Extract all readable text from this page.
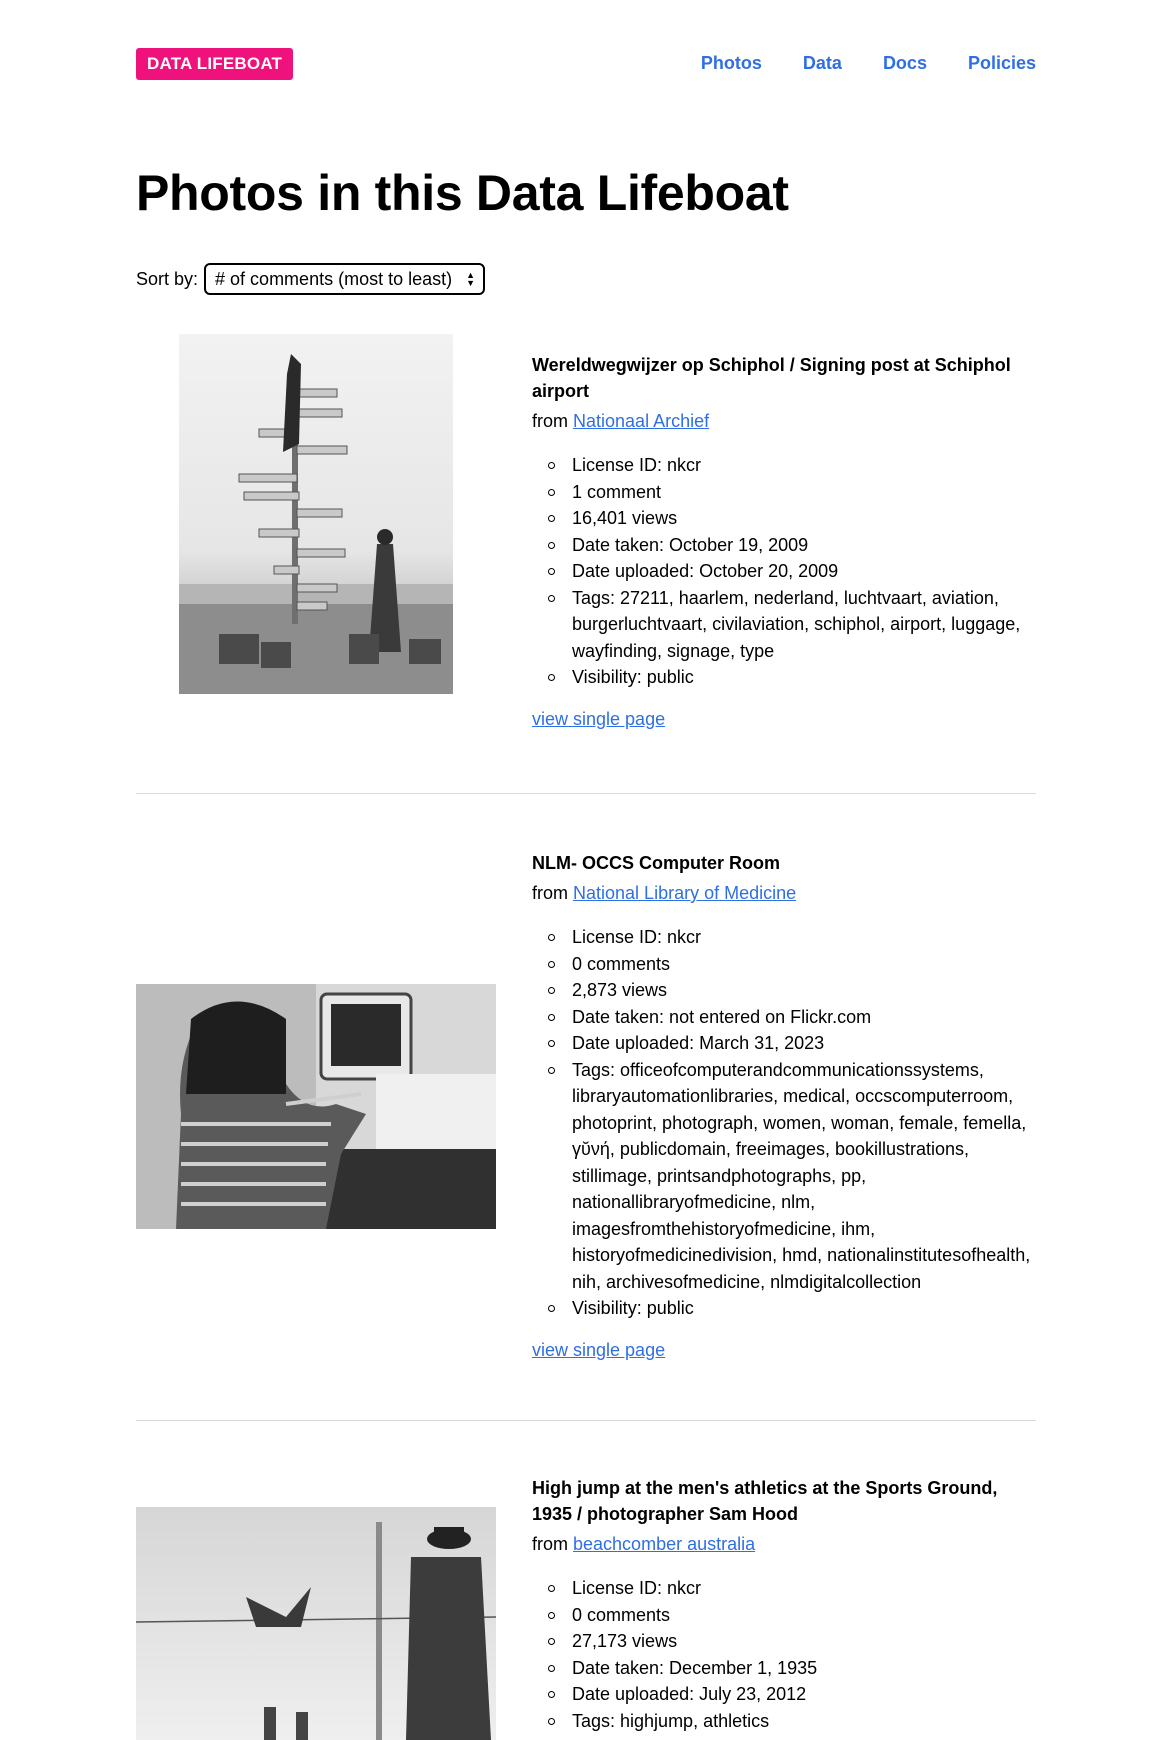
DATA LIFEBOAT	Photos Data Docs Policies
Photos in this Data Lifeboat
Sort by: # of comments (most to least) ▲
▼

Wereldwegwijzer op Schiphol / Signing post at Schiphol airport

from Nationaal Archief

License ID: nkcr
1 comment
16,401 views
Date taken: October 19, 2009
Date uploaded: October 20, 2009
Tags: 27211, haarlem, nederland, luchtvaart, aviation, burgerluchtvaart, civilaviation, schiphol, airport, luggage, wayfinding, signage, type
Visibility: public
view single page

NLM- OCCS Computer Room

from National Library of Medicine

License ID: nkcr
0 comments
2,873 views
Date taken: not entered on Flickr.com
Date uploaded: March 31, 2023
Tags: officeofcomputerandcommunicationssystems, libraryautomationlibraries, medical, occscomputerroom, photoprint, photograph, women, woman, female, femella, γῠνή, publicdomain, freeimages, bookillustrations, stillimage, printsandphotographs, pp, nationallibraryofmedicine, nlm, imagesfromthehistoryofmedicine, ihm, historyofmedicinedivision, hmd, nationalinstitutesofhealth, nih, archivesofmedicine, nlmdigitalcollection
Visibility: public
view single page

High jump at the men's athletics at the Sports Ground, 1935 / photographer Sam Hood

from beachcomber australia

License ID: nkcr
0 comments
27,173 views
Date taken: December 1, 1935
Date uploaded: July 23, 2012
Tags: highjump, athletics
